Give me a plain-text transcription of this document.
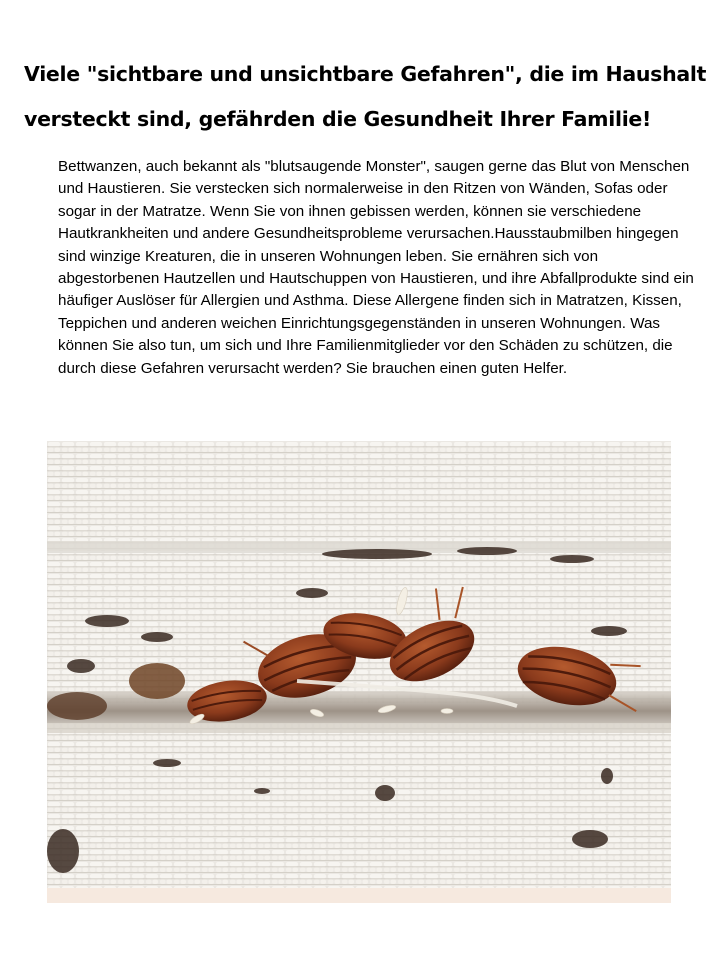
Viele "sichtbare und unsichtbare Gefahren", die im Haushalt versteckt sind, gefährden die Gesundheit Ihrer Familie!

Bettwanzen, auch bekannt als "blutsaugende Monster", saugen gerne das Blut von Menschen und Haustieren. Sie verstecken sich normalerweise in den Ritzen von Wänden, Sofas oder sogar in der Matratze. Wenn Sie von ihnen gebissen werden, können sie verschiedene Hautkrankheiten und andere Gesundheitsprobleme verursachen.Hausstaubmilben hingegen sind winzige Kreaturen, die in unseren Wohnungen leben. Sie ernähren sich von abgestorbenen Hautzellen und Hautschuppen von Haustieren, und ihre Abfallprodukte sind ein häufiger Auslöser für Allergien und Asthma. Diese Allergene finden sich in Matratzen, Kissen, Teppichen und anderen weichen Einrichtungsgegenständen in unseren Wohnungen. Was können Sie also tun, um sich und Ihre Familienmitglieder vor den Schäden zu schützen, die durch diese Gefahren verursacht werden? Sie brauchen einen guten Helfer.
